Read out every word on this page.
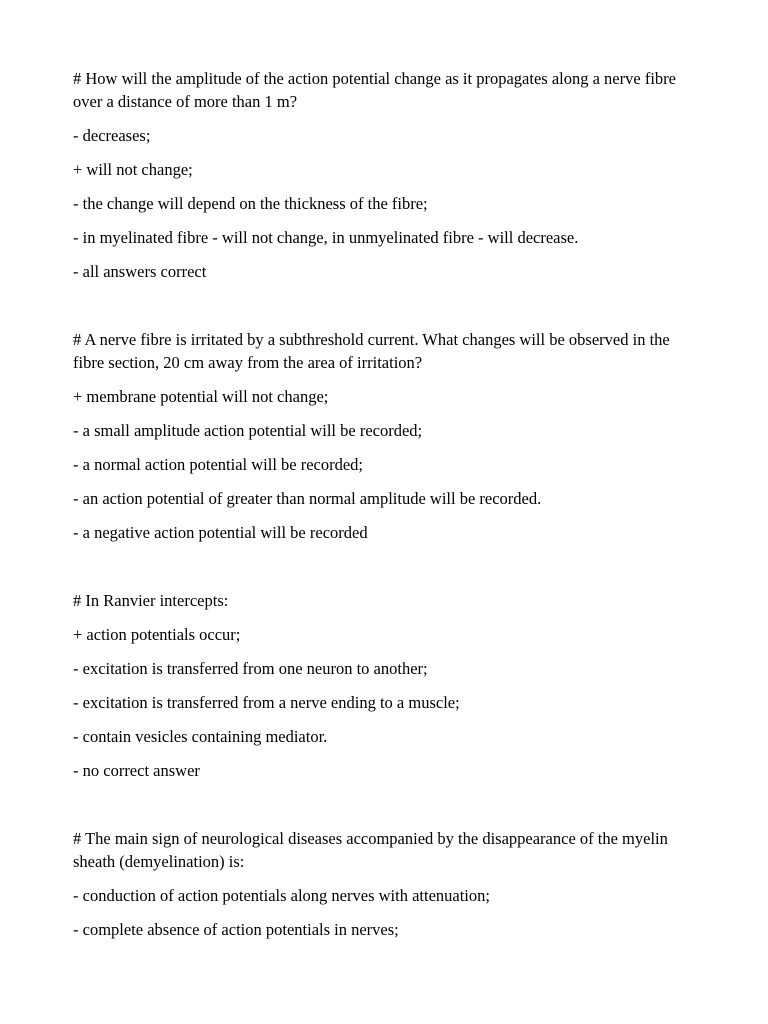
# How will the amplitude of the action potential change as it propagates along a nerve fibre over a distance of more than 1 m?
- decreases;
+ will not change;
- the change will depend on the thickness of the fibre;
- in myelinated fibre - will not change, in unmyelinated fibre - will decrease.
- all answers correct
# A nerve fibre is irritated by a subthreshold current. What changes will be observed in the fibre section, 20 cm away from the area of irritation?
+ membrane potential will not change;
- a small amplitude action potential will be recorded;
- a normal action potential will be recorded;
- an action potential of greater than normal amplitude will be recorded.
- a negative action potential will be recorded
# In Ranvier intercepts:
+ action potentials occur;
- excitation is transferred from one neuron to another;
- excitation is transferred from a nerve ending to a muscle;
- contain vesicles containing mediator.
- no correct answer
# The main sign of neurological diseases accompanied by the disappearance of the myelin sheath (demyelination) is:
- conduction of action potentials along nerves with attenuation;
- complete absence of action potentials in nerves;
